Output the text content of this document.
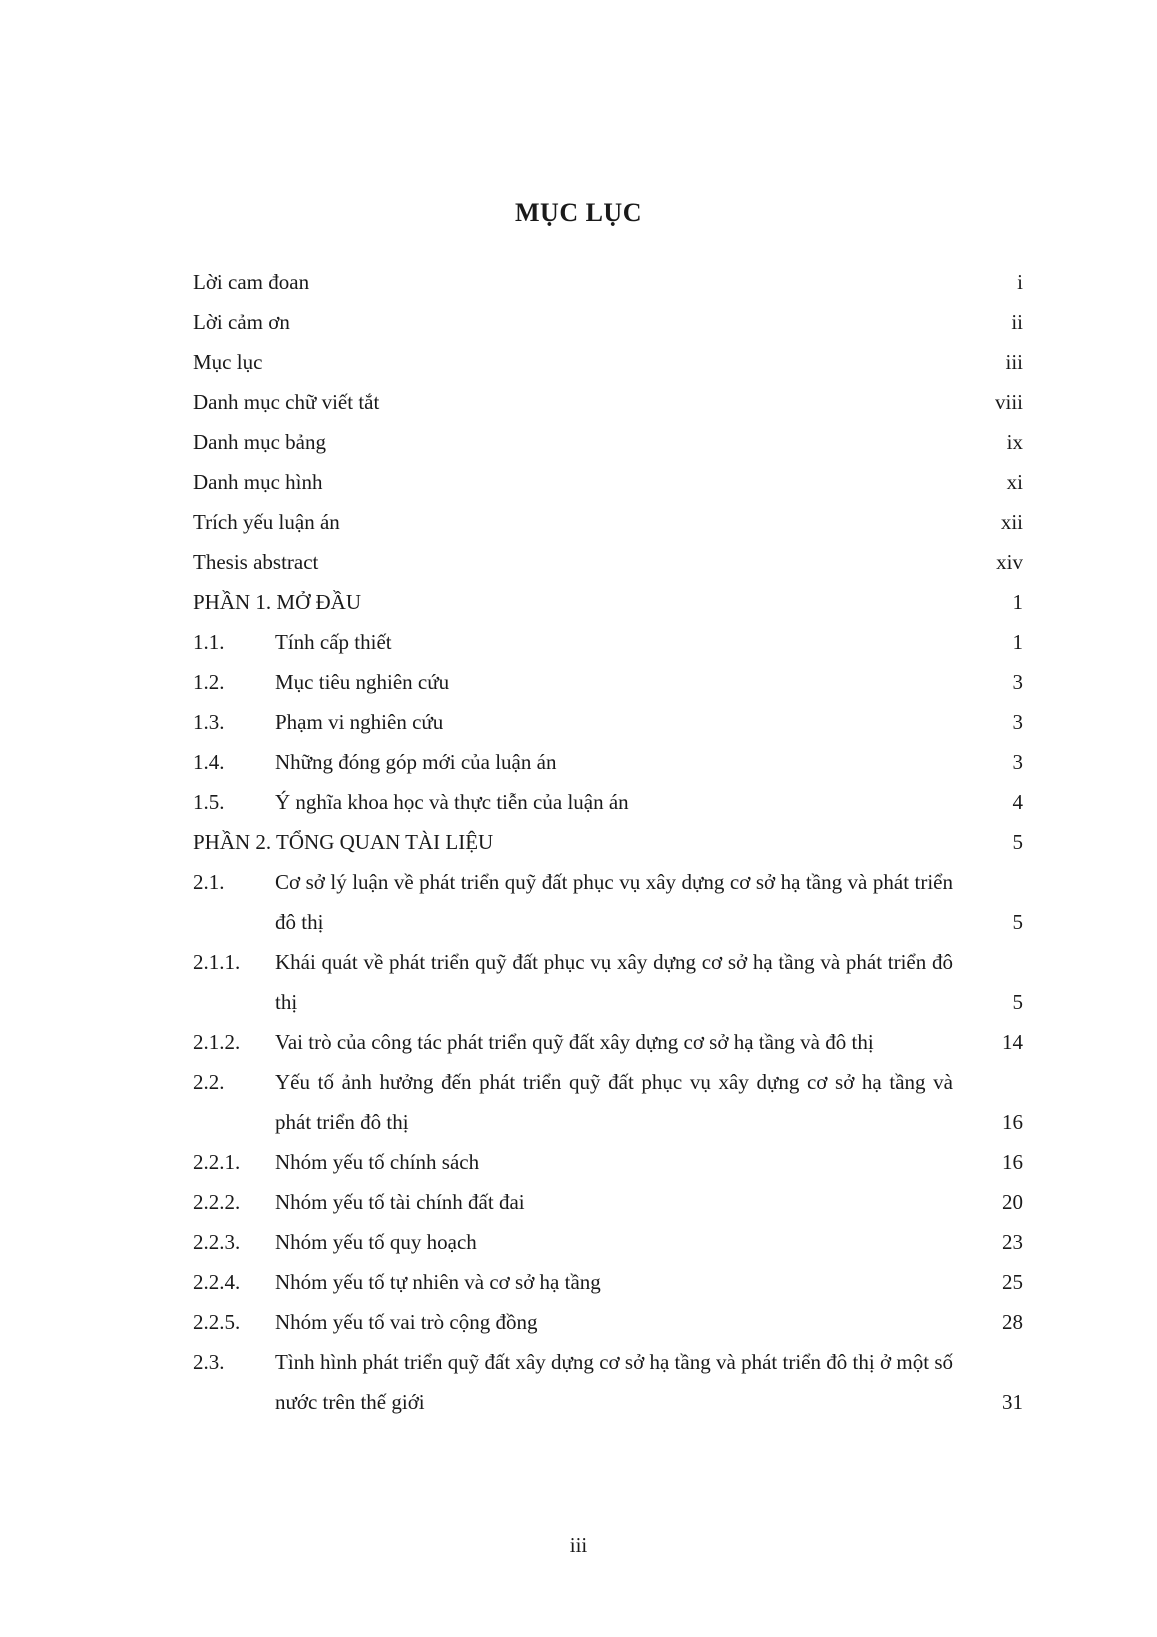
MỤC LỤC
Lời cam đoan	i
Lời cảm ơn	ii
Mục lục	iii
Danh mục chữ viết tắt	viii
Danh mục bảng	ix
Danh mục hình	xi
Trích yếu luận án	xii
Thesis abstract	xiv
PHẦN 1. MỞ ĐẦU	1
1.1.	Tính cấp thiết	1
1.2.	Mục tiêu nghiên cứu	3
1.3.	Phạm vi nghiên cứu	3
1.4.	Những đóng góp mới của luận án	3
1.5.	Ý nghĩa khoa học và thực tiễn của luận án	4
PHẦN 2. TỔNG QUAN TÀI LIỆU	5
2.1.	Cơ sở lý luận về phát triển quỹ đất phục vụ xây dựng cơ sở hạ tầng và phát triển đô thị	5
2.1.1.	Khái quát về phát triển quỹ đất phục vụ xây dựng cơ sở hạ tầng và phát triển đô thị	5
2.1.2.	Vai trò của công tác phát triển quỹ đất xây dựng cơ sở hạ tầng và đô thị	14
2.2.	Yếu tố ảnh hưởng đến phát triển quỹ đất phục vụ xây dựng cơ sở hạ tầng và phát triển đô thị	16
2.2.1.	Nhóm yếu tố chính sách	16
2.2.2.	Nhóm yếu tố tài chính đất đai	20
2.2.3.	Nhóm yếu tố quy hoạch	23
2.2.4.	Nhóm yếu tố tự nhiên và cơ sở hạ tầng	25
2.2.5.	Nhóm yếu tố vai trò cộng đồng	28
2.3.	Tình hình phát triển quỹ đất xây dựng cơ sở hạ tầng và phát triển đô thị ở một số nước trên thế giới	31
iii
